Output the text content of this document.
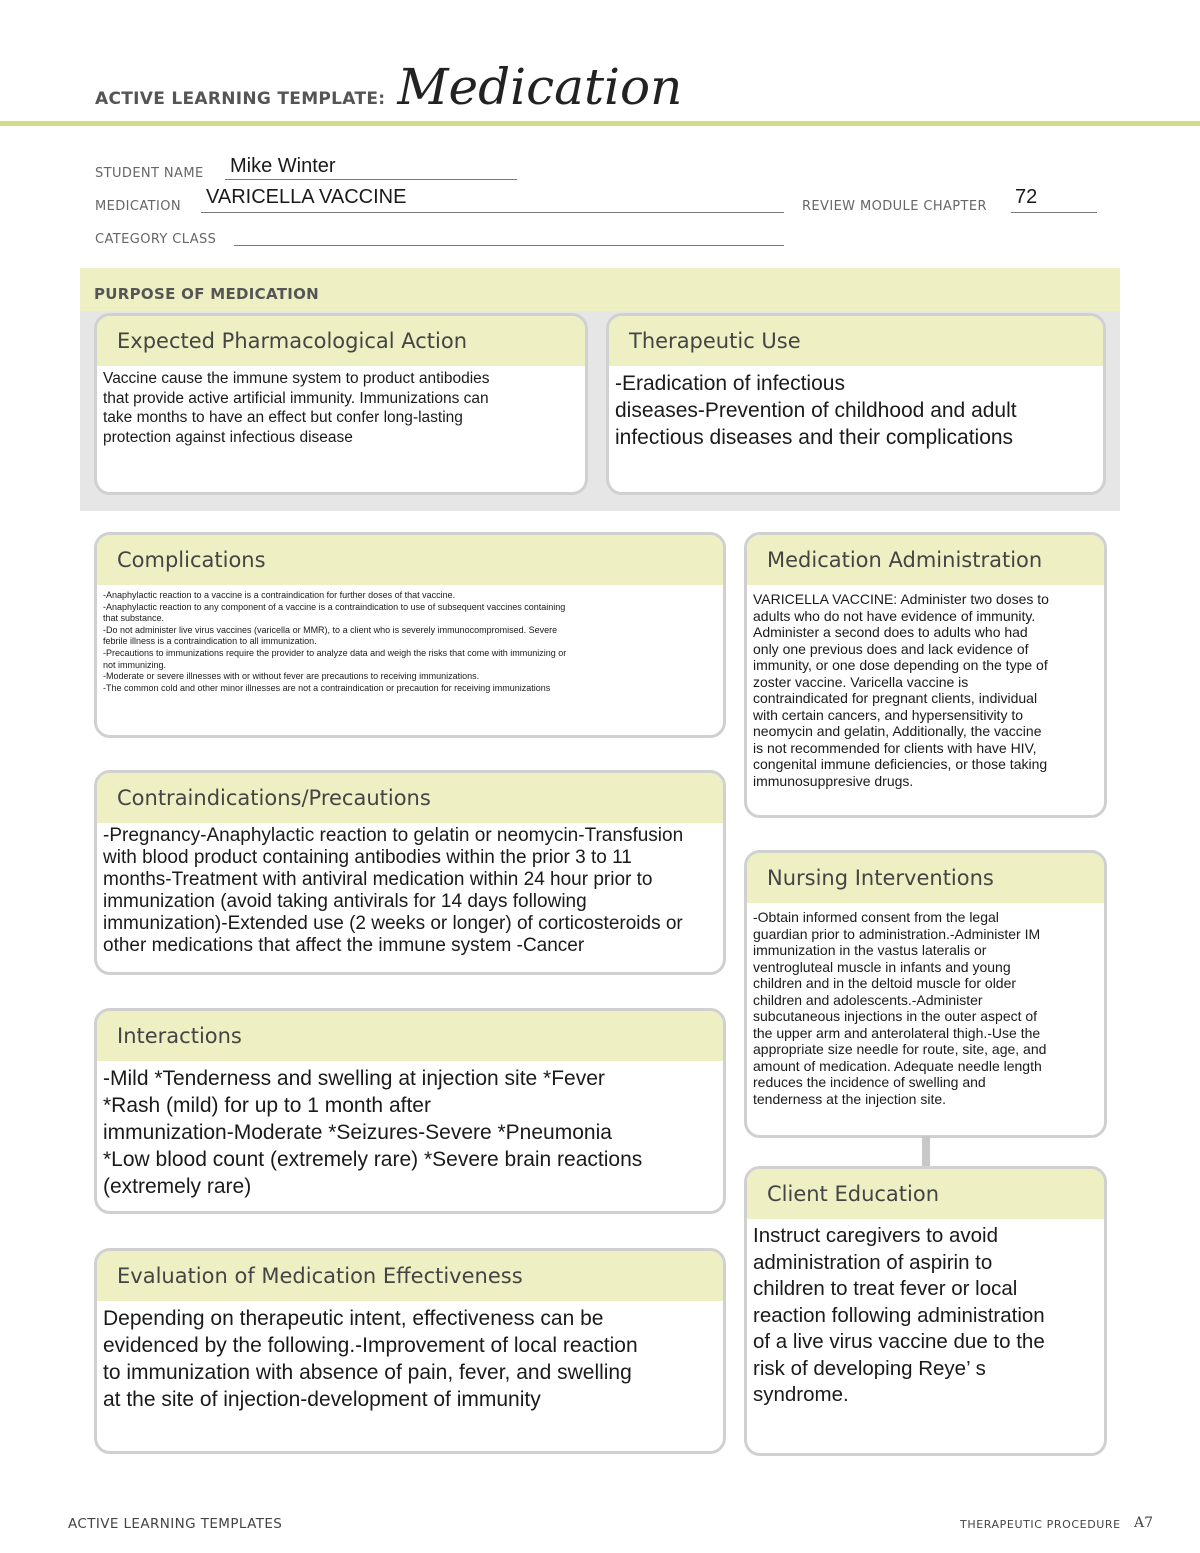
ACTIVE LEARNING TEMPLATE: Medication
STUDENT NAME Mike Winter
MEDICATION VARICELLA VACCINE	REVIEW MODULE CHAPTER 72
CATEGORY CLASS
PURPOSE OF MEDICATION
Expected Pharmacological Action
Vaccine cause the immune system to product antibodies
that provide active artificial immunity. Immunizations can
take months to have an effect but confer long-lasting
protection against infectious disease
Therapeutic Use
-Eradication of infectious
diseases-Prevention of childhood and adult
infectious diseases and their complications
Complications
-Anaphylactic reaction to a vaccine is a contraindication for further doses of that vaccine.
-Anaphylactic reaction to any component of a vaccine is a contraindication to use of subsequent vaccines containing
that substance.
-Do not administer live virus vaccines (varicella or MMR), to a client who is severely immunocompromised. Severe
febrile illness is a contraindication to all immunization.
-Precautions to immunizations require the provider to analyze data and weigh the risks that come with immunizing or
not immunizing.
-Moderate or severe illnesses with or without fever are precautions to receiving immunizations.
-The common cold and other minor illnesses are not a contraindication or precaution for receiving immunizations
Medication Administration
VARICELLA VACCINE: Administer two doses to
adults who do not have evidence of immunity.
Administer a second does to adults who had
only one previous does and lack evidence of
immunity, or one dose depending on the type of
zoster vaccine. Varicella vaccine is
contraindicated for pregnant clients, individual
with certain cancers, and hypersensitivity to
neomycin and gelatin, Additionally, the vaccine
is not recommended for clients with have HIV,
congenital immune deficiencies, or those taking
immunosuppresive drugs.
Contraindications/Precautions
-Pregnancy-Anaphylactic reaction to gelatin or neomycin-Transfusion
with blood product containing antibodies within the prior 3 to 11
months-Treatment with antiviral medication within 24 hour prior to
immunization (avoid taking antivirals for 14 days following
immunization)-Extended use (2 weeks or longer) of corticosteroids or
other medications that affect the immune system -Cancer
Nursing Interventions
-Obtain informed consent from the legal
guardian prior to administration.-Administer IM
immunization in the vastus lateralis or
ventrogluteal muscle in infants and young
children and in the deltoid muscle for older
children and adolescents.-Administer
subcutaneous injections in the outer aspect of
the upper arm and anterolateral thigh.-Use the
appropriate size needle for route, site, age, and
amount of medication. Adequate needle length
reduces the incidence of swelling and
tenderness at the injection site.
Interactions
-Mild *Tenderness and swelling at injection site *Fever
*Rash (mild) for up to 1 month after
immunization-Moderate *Seizures-Severe *Pneumonia
*Low blood count (extremely rare) *Severe brain reactions
(extremely rare)	Client Education
Instruct caregivers to avoid
administration of aspirin to
children to treat fever or local
reaction following administration
of a live virus vaccine due to the
risk of developing Reye’ s
syndrome.
Evaluation of Medication Effectiveness
Depending on therapeutic intent, effectiveness can be
evidenced by the following.-Improvement of local reaction
to immunization with absence of pain, fever, and swelling
at the site of injection-development of immunity
ACTIVE LEARNING TEMPLATES	THERAPEUTIC PROCEDURE A7
